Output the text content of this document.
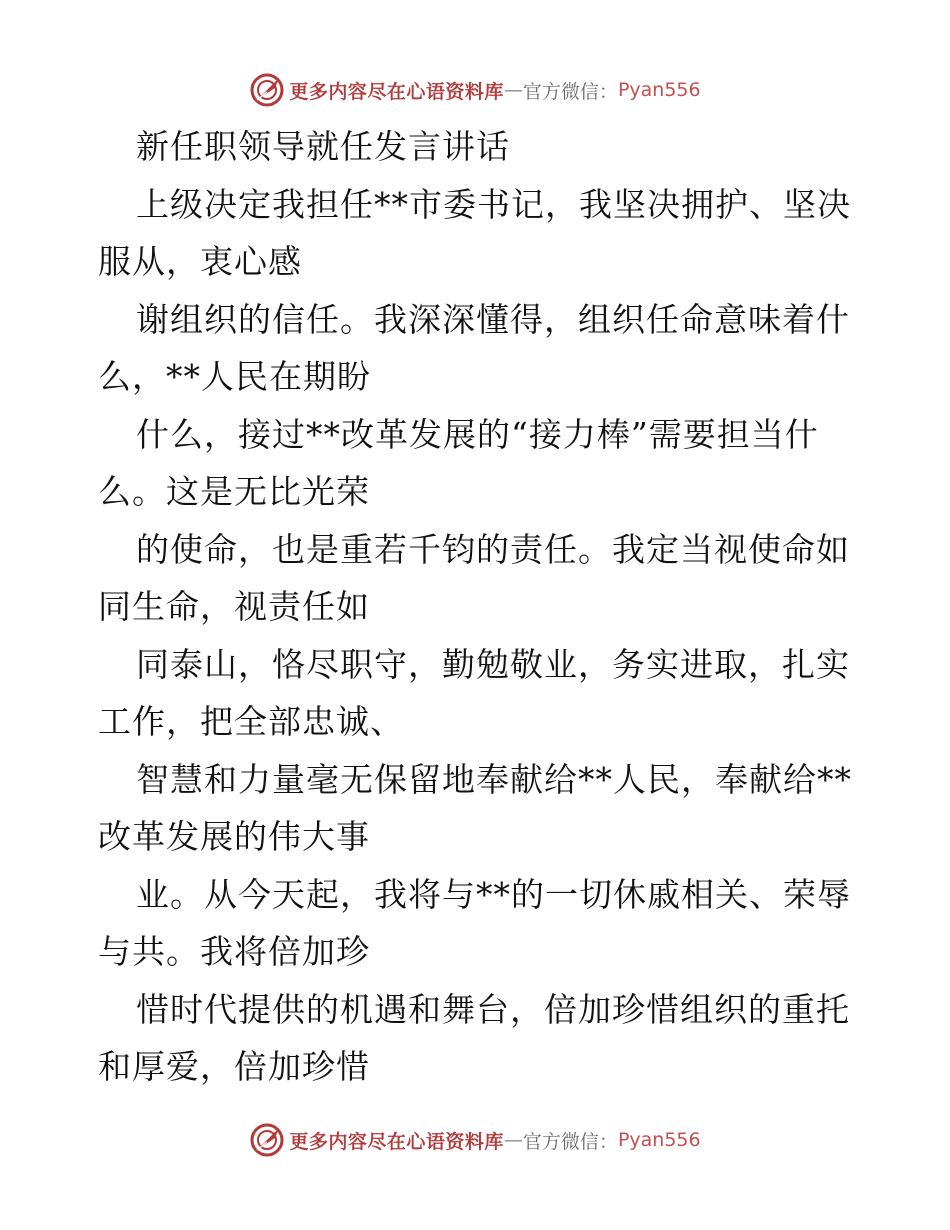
更多内容尽在心语资料库 — 官方微信： Pyan556
新任职领导就任发言讲话
上级决定我担任**市委书记，我坚决拥护、坚决
服从，衷心感
谢组织的信任。我深深懂得，组织任命意味着什
么，**人民在期盼
什么，接过**改革发展的“接力棒”需要担当什
么。这是无比光荣
的使命，也是重若千钧的责任。我定当视使命如
同生命，视责任如
同泰山，恪尽职守，勤勉敬业，务实进取，扎实
工作，把全部忠诚、
智慧和力量毫无保留地奉献给**人民，奉献给**
改革发展的伟大事
业。从今天起，我将与**的一切休戚相关、荣辱
与共。我将倍加珍
惜时代提供的机遇和舞台，倍加珍惜组织的重托
和厚爱，倍加珍惜
更多内容尽在心语资料库 — 官方微信： Pyan556
